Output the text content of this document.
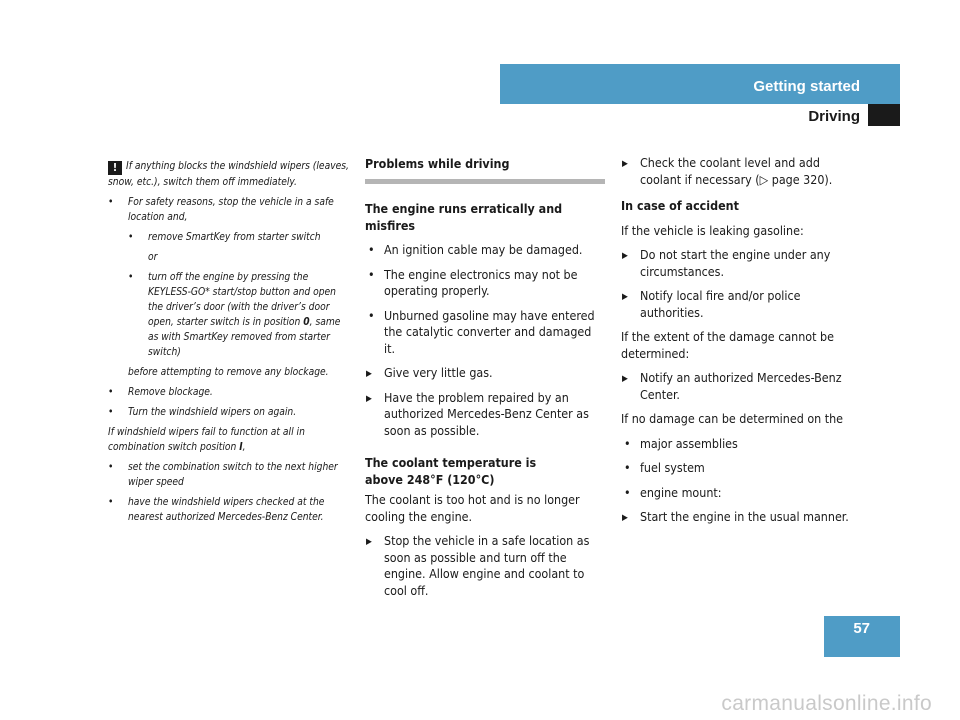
Getting started
Driving

! If anything blocks the windshield wipers (leaves, snow, etc.), switch them off immediately.

• For safety reasons, stop the vehicle in a safe location and,

• remove SmartKey from starter switch

or

• turn off the engine by pressing the KEYLESS-GO* start/stop button and open the driver’s door (with the driver’s door open, starter switch is in position 0, same as with SmartKey removed from starter switch)

before attempting to remove any blockage.

• Remove blockage.

• Turn the windshield wipers on again.

If windshield wipers fail to function at all in combination switch position I,

• set the combination switch to the next higher wiper speed

• have the windshield wipers checked at the nearest authorized Mercedes-Benz Center.

Problems while driving

The engine runs erratically and misfires

• An ignition cable may be damaged.

• The engine electronics may not be operating properly.

• Unburned gasoline may have entered the catalytic converter and damaged it.

▶ Give very little gas.

▶ Have the problem repaired by an authorized Mercedes-Benz Center as soon as possible.

The coolant temperature is
above 248°F (120°C)

The coolant is too hot and is no longer cooling the engine.

▶ Stop the vehicle in a safe location as soon as possible and turn off the engine. Allow engine and coolant to cool off.

▶ Check the coolant level and add coolant if necessary (▷ page 320).

In case of accident

If the vehicle is leaking gasoline:

▶ Do not start the engine under any circumstances.

▶ Notify local fire and/or police authorities.

If the extent of the damage cannot be determined:

▶ Notify an authorized Mercedes-Benz Center.

If no damage can be determined on the

• major assemblies

• fuel system

• engine mount:

▶ Start the engine in the usual manner.

57
carmanualsonline.info
